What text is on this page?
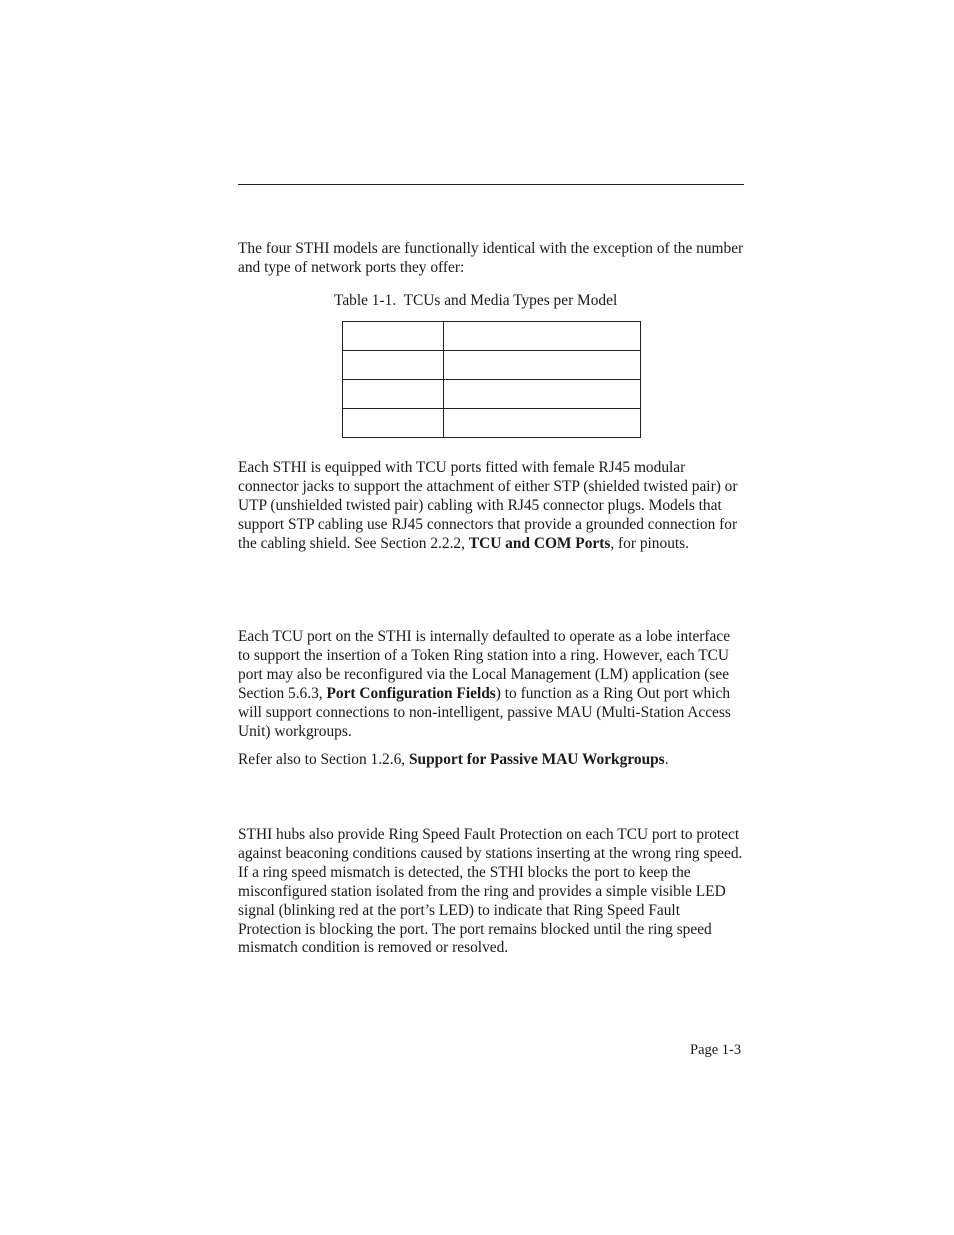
The four STHI models are functionally identical with the exception of the number and type of network ports they offer:

Table 1-1.  TCUs and Media Types per Model

Each STHI is equipped with TCU ports fitted with female RJ45 modular connector jacks to support the attachment of either STP (shielded twisted pair) or UTP (unshielded twisted pair) cabling with RJ45 connector plugs. Models that support STP cabling use RJ45 connectors that provide a grounded connection for the cabling shield. See Section 2.2.2, TCU and COM Ports, for pinouts.

Each TCU port on the STHI is internally defaulted to operate as a lobe interface to support the insertion of a Token Ring station into a ring. However, each TCU port may also be reconfigured via the Local Management (LM) application (see Section 5.6.3, Port Configuration Fields) to function as a Ring Out port which will support connections to non-intelligent, passive MAU (Multi-Station Access Unit) workgroups.

Refer also to Section 1.2.6, Support for Passive MAU Workgroups.

STHI hubs also provide Ring Speed Fault Protection on each TCU port to protect against beaconing conditions caused by stations inserting at the wrong ring speed. If a ring speed mismatch is detected, the STHI blocks the port to keep the misconfigured station isolated from the ring and provides a simple visible LED signal (blinking red at the port’s LED) to indicate that Ring Speed Fault Protection is blocking the port. The port remains blocked until the ring speed mismatch condition is removed or resolved.

Page 1-3
